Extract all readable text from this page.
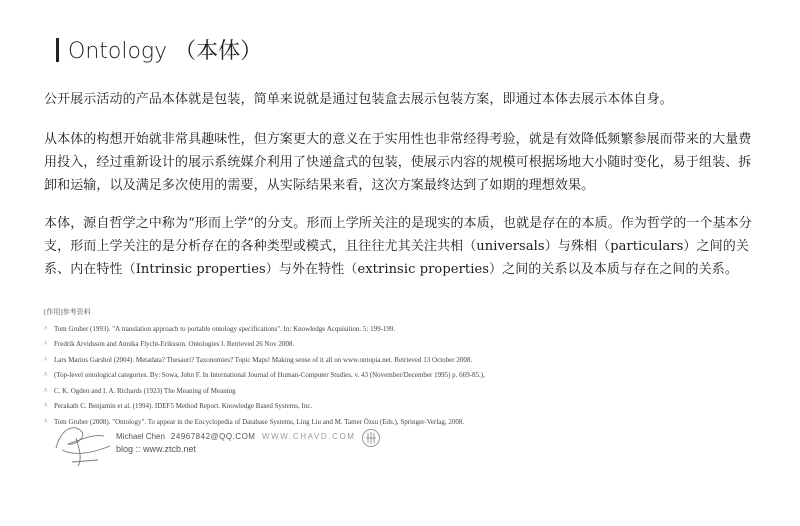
Ontology （本体）
公开展示活动的产品本体就是包装，简单来说就是通过包装盒去展示包装方案，即通过本体去展示本体自身。
从本体的构想开始就非常具趣味性，但方案更大的意义在于实用性也非常经得考验，就是有效降低频繁参展而带来的大量费用投入，经过重新设计的展示系统媒介利用了快递盒式的包装，使展示内容的规模可根据场地大小随时变化，易于组装、拆卸和运输，以及满足多次使用的需要，从实际结果来看，这次方案最终达到了如期的理想效果。
本体，源自哲学之中称为“形而上学”的分支。形而上学所关注的是现实的本质，也就是存在的本质。作为哲学的一个基本分支，形而上学关注的是分析存在的各种类型或模式，且往往尤其关注共相（universals）与殊相（particulars）之间的关系、内在特性（Intrinsic properties）与外在特性（extrinsic properties）之间的关系以及本质与存在之间的关系。
[作用]参考资料
^ Tom Gruber (1993). "A translation approach to portable ontology specifications". In: Knowledge Acquisition. 5: 199-199.
^ Fredrik Arvidsson and Annika Flycht-Eriksson. Ontologies I. Retrieved 26 Nov 2008.
^ Lars Marius Garshol (2004). Metadata? Thesauri? Taxonomies? Topic Maps! Making sense of it all on www.ontopia.net. Retrieved 13 October 2008.
^ (Top-level ontological categories. By: Sowa, John F. In International Journal of Human-Computer Studies, v. 43 (November/December 1995) p. 669-85.),
^ C. K. Ogden and I. A. Richards (1923) The Meaning of Meaning
^ Perakath C. Benjamin et al. (1994). IDEF5 Method Report. Knowledge Based Systems, Inc.
^ Tom Gruber (2008). "Ontology". To appear in the Encyclopedia of Database Systems, Ling Liu and M. Tamer Özsu (Eds.), Springer-Verlag, 2008.
Michael Chen 24967842@QQ.COM
blog :: www.ztcb.net
WWW.CHAVD.COM
